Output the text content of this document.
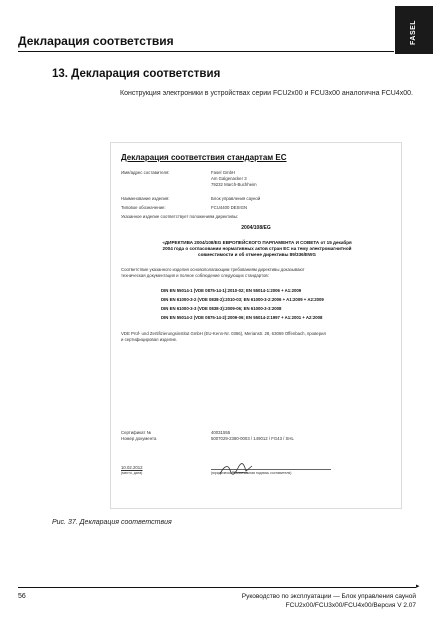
Декларация соответствия	FASEL
13. Декларация соответствия
Конструкция электроники в устройствах серии FCU2x00 и FCU3x00 аналогична FCU4x00.
Декларация соответствия стандартам ЕС
Имя/адрес составителя:	Fasel GmbH
Am Galgenacker 3
79232 March-Buchheim
Наименование изделия:	Блок управления сауной
Типовое обозначение:	FCU4400 DESIGN
Указанное изделие соответствует положениям директивы:
2004/108/EG
«ДИРЕКТИВА 2004/108/ЕG ЕВРОПЕЙСКОГО ПАРЛАМЕНТА И СОВЕТА от 15 декабря
2004 года о согласовании нормативных актов стран ЕС на тему электромагнитной
совместимости и об отмене директивы 89/336/EWG
Соответствие указанного изделия основополагающим требованиям директивы доказывают
техническая документация и полное соблюдение следующих стандартов:
DIN EN 55014-1 (VDE 0875-14-1):2010-02; EN 55014-1:2006 + A1:2009
DIN EN 61000-3-2 (VDE 0838-2):2010-03; EN 61000-3-2:2006 + A1:2009 + A2:2009
DIN EN 61000-3-3 (VDE 0838-3):2009-06; EN 61000-3-3:2008
DIN EN 55014-2 (VDE 0875-14-2):2009-06; EN 55014-2:1997 + A1:2001 + A2:2008
VDE Prüf- und Zertifizierungsinstitut GmbH (EU-Kenn-Nr. 0366), Merianstr. 28, 63069 Offenbach, проверил
и сертифицировал изделие.
Сертификат №	40031555
Номер документа	5007029-2380-0003 / 149012 / FG43 / SHL
10.02.2012
(место, дата)	(юридически обязательная подпись составителя)
Рис. 37. Декларация соответствия
▸
56	Руководство по эксплуатации — Блок управления сауной
FCU2x00/FCU3x00/FCU4x00/Версия V 2.07
